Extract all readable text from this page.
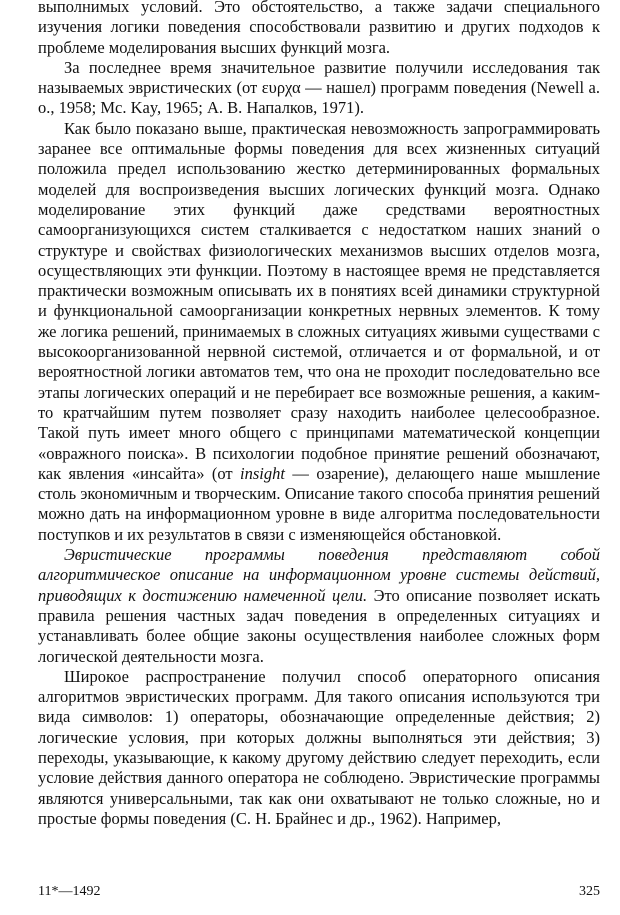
выполнимых условий. Это обстоятельство, а также задачи специального изучения логики поведения способствовали развитию и других подходов к проблеме моделирования высших функций мозга.

За последнее время значительное развитие получили исследования так называемых эвристических (от ευρχα — нашел) программ поведения (Newell a. o., 1958; Mc. Kay, 1965; А. В. Напалков, 1971).

Как было показано выше, практическая невозможность запрограммировать заранее все оптимальные формы поведения для всех жизненных ситуаций положила предел использованию жестко детерминированных формальных моделей для воспроизведения высших логических функций мозга. Однако моделирование этих функций даже средствами вероятностных самоорганизующихся систем сталкивается с недостатком наших знаний о структуре и свойствах физиологических механизмов высших отделов мозга, осуществляющих эти функции. Поэтому в настоящее время не представляется практически возможным описывать их в понятиях всей динамики структурной и функциональной самоорганизации конкретных нервных элементов. К тому же логика решений, принимаемых в сложных ситуациях живыми существами с высокоорганизованной нервной системой, отличается и от формальной, и от вероятностной логики автоматов тем, что она не проходит последовательно все этапы логических операций и не перебирает все возможные решения, а каким-то кратчайшим путем позволяет сразу находить наиболее целесообразное. Такой путь имеет много общего с принципами математической концепции «овражного поиска». В психологии подобное принятие решений обозначают, как явления «инсайта» (от insight — озарение), делающего наше мышление столь экономичным и творческим. Описание такого способа принятия решений можно дать на информационном уровне в виде алгоритма последовательности поступков и их результатов в связи с изменяющейся обстановкой.

Эвристические программы поведения представляют собой алгоритмическое описание на информационном уровне системы действий, приводящих к достижению намеченной цели. Это описание позволяет искать правила решения частных задач поведения в определенных ситуациях и устанавливать более общие законы осуществления наиболее сложных форм логической деятельности мозга.

Широкое распространение получил способ операторного описания алгоритмов эвристических программ. Для такого описания используются три вида символов: 1) операторы, обозначающие определенные действия; 2) логические условия, при которых должны выполняться эти действия; 3) переходы, указывающие, к какому другому действию следует переходить, если условие действия данного оператора не соблюдено. Эвристические программы являются универсальными, так как они охватывают не только сложные, но и простые формы поведения (С. Н. Брайнес и др., 1962). Например,

11*—1492	325
